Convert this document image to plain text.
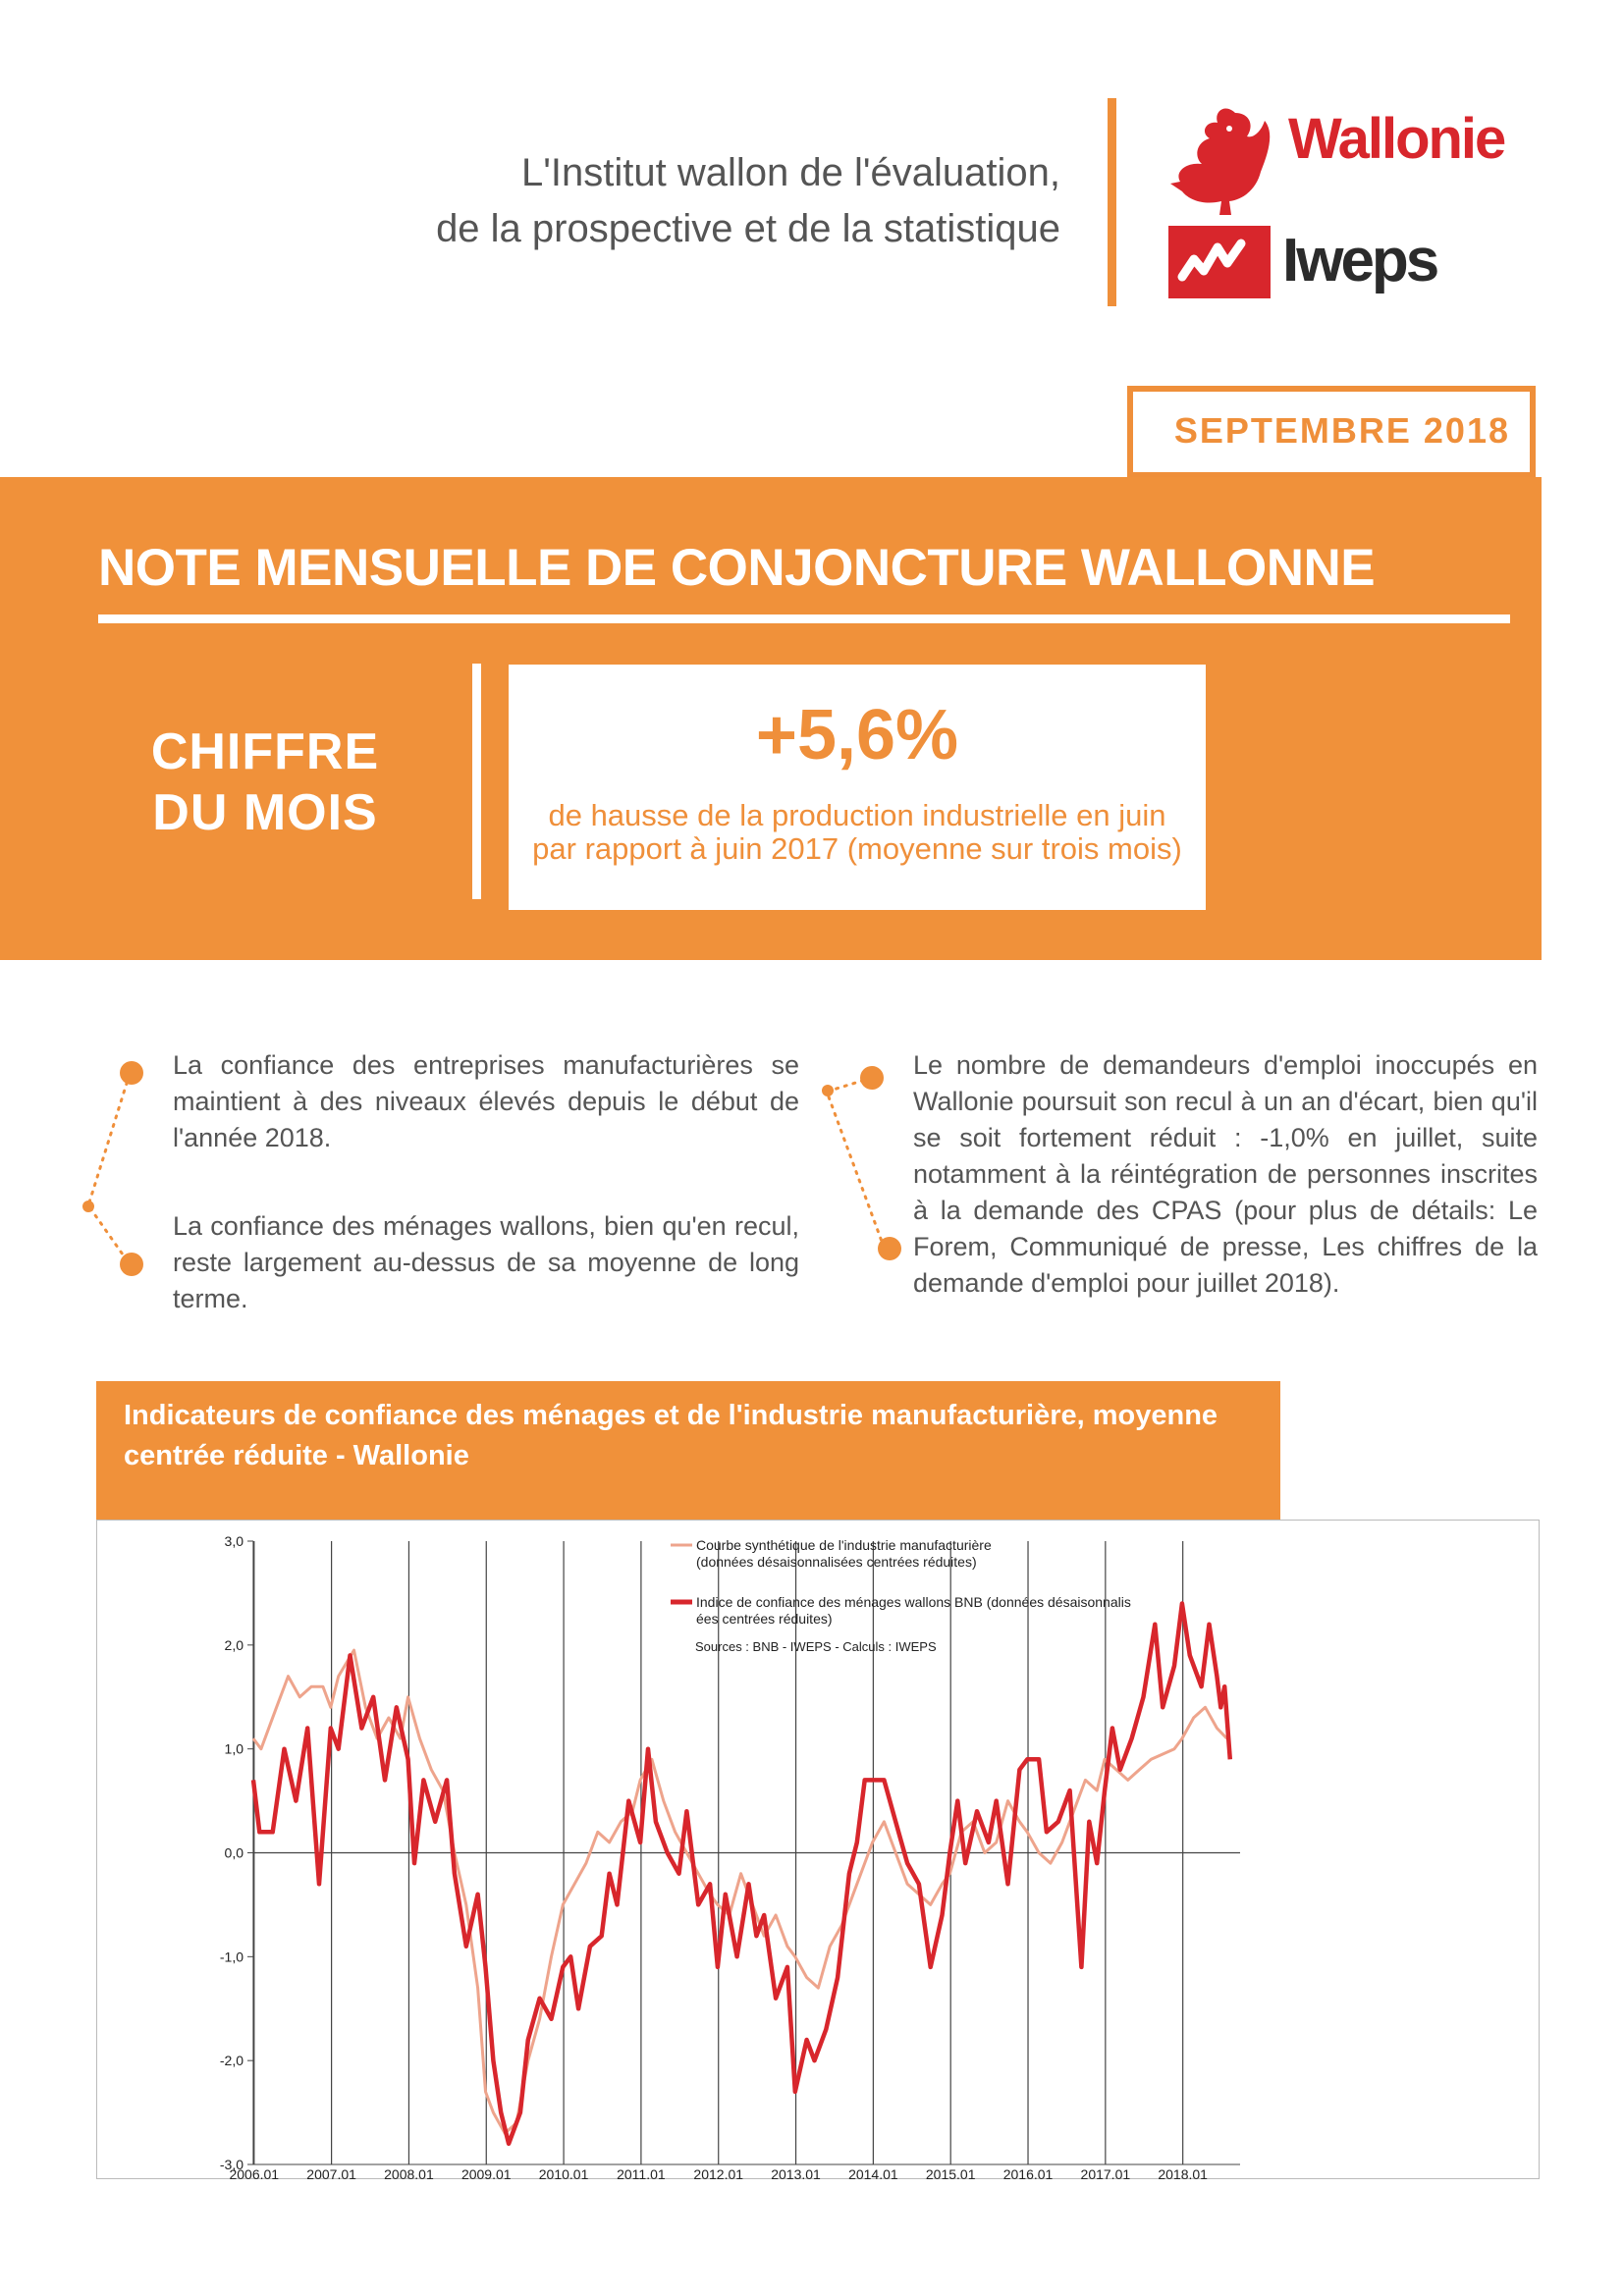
L'Institut wallon de l'évaluation,
de la prospective et de la statistique
Wallonie
Iweps
SEPTEMBRE 2018
NOTE MENSUELLE DE CONJONCTURE WALLONNE
CHIFFRE
DU MOIS
+5,6%
de hausse de la production industrielle en juin par rapport à juin 2017 (moyenne sur trois mois)
La confiance des entreprises manufacturières se maintient à des niveaux élevés depuis le début de l'année 2018.
La confiance des ménages wallons, bien qu'en recul, reste largement au-dessus de sa moyenne de long terme.
Le nombre de demandeurs d'emploi inoccupés en Wallonie poursuit son recul à un an d'écart, bien qu'il se soit fortement réduit : -1,0% en juillet, suite notamment à la réintégration de personnes inscrites à la demande des CPAS (pour plus de détails: Le Forem, Communiqué de presse, Les chiffres de la demande d'emploi pour juillet 2018).
Indicateurs de confiance des ménages et de l'industrie manufacturière, moyenne centrée réduite - Wallonie
2006.01 2007.01 2008.01 2009.01 2010.01 2011.01 2012.01 2013.01 2014.01 2015.01 2016.01 2017.01 2018.01
3,0
2,0
1,0
0,0
-1,0
-2,0
-3,0
Courbe synthétique de l'industrie manufacturière (données désaisonnalisées centrées réduites)
Indice de confiance des ménages wallons BNB (données désaisonnalis ées centrées réduites)
Sources : BNB - IWEPS - Calculs : IWEPS
